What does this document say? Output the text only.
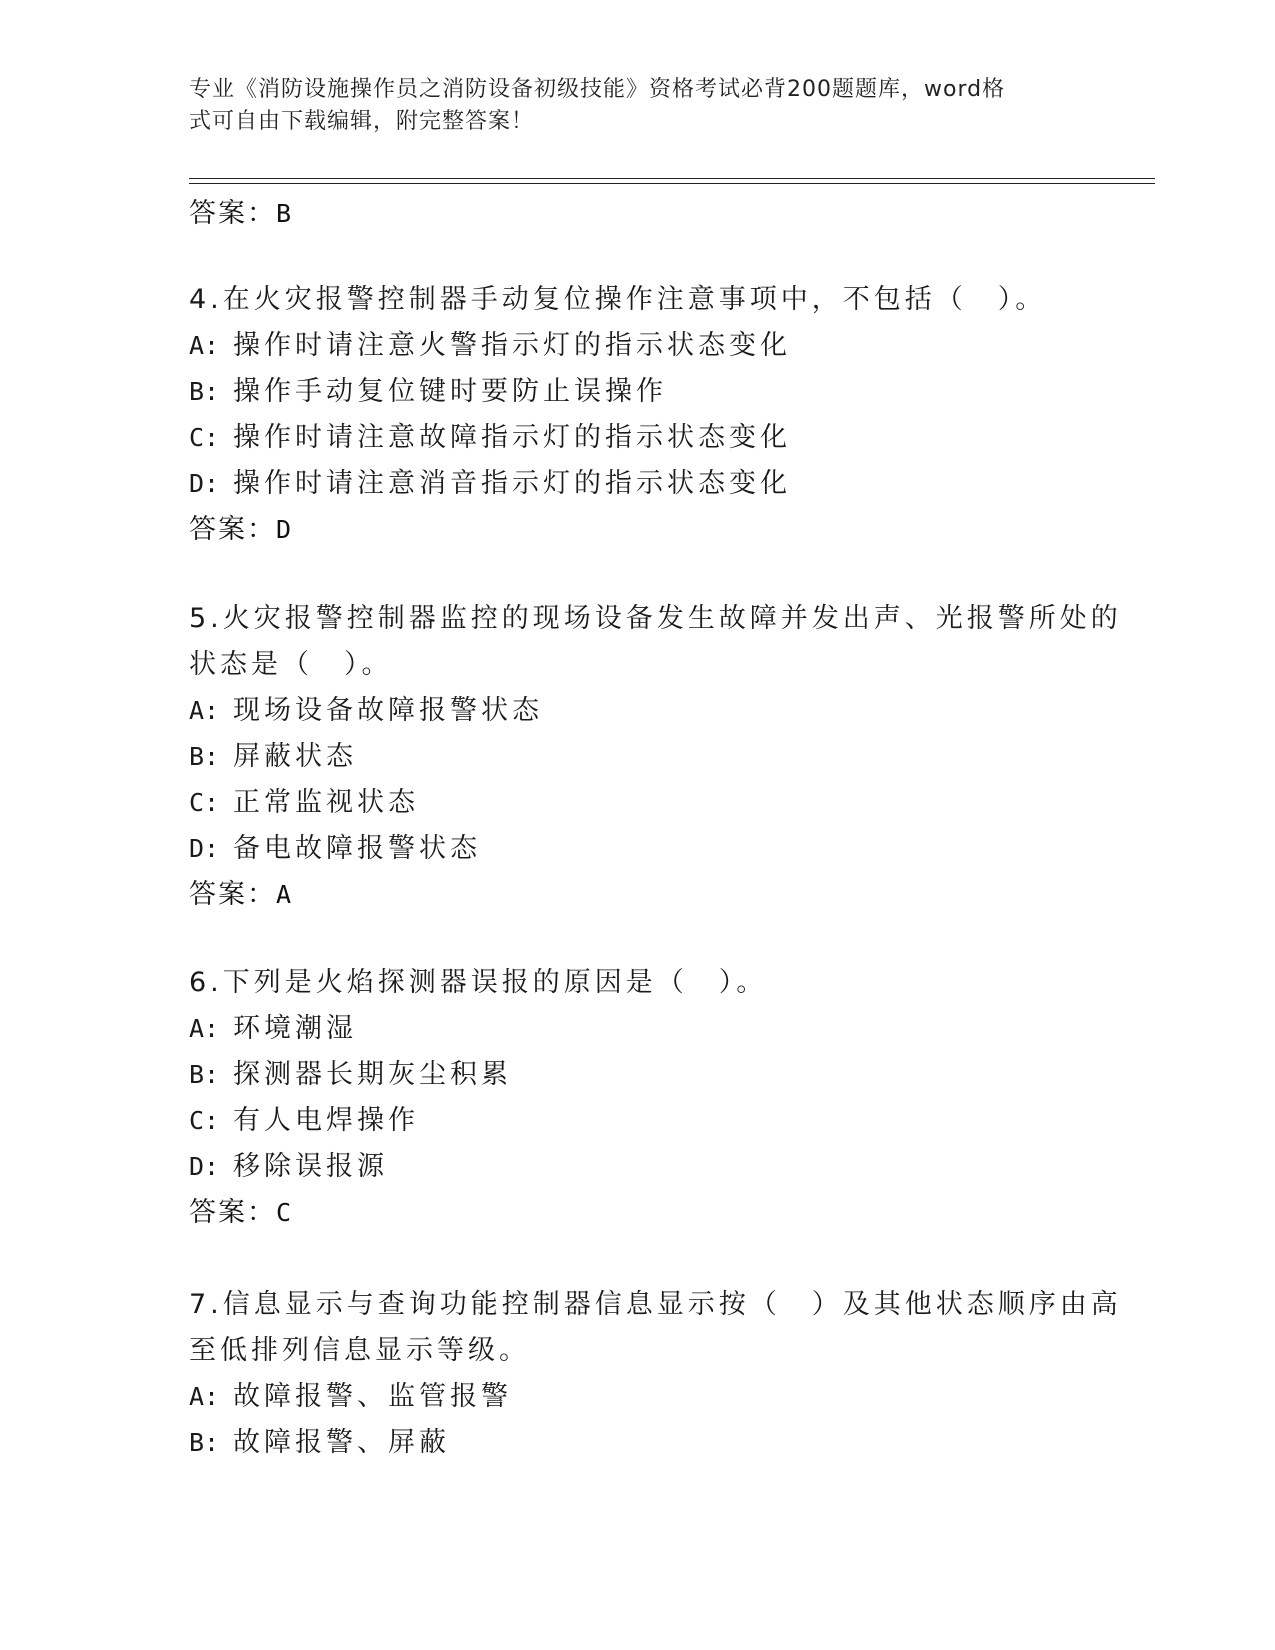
专业《消防设施操作员之消防设备初级技能》资格考试必背200题题库，word格
式可自由下载编辑，附完整答案！
答案：B
4.在火灾报警控制器手动复位操作注意事项中，不包括（　）。
A: 操作时请注意火警指示灯的指示状态变化
B: 操作手动复位键时要防止误操作
C: 操作时请注意故障指示灯的指示状态变化
D: 操作时请注意消音指示灯的指示状态变化
答案：D
5.火灾报警控制器监控的现场设备发生故障并发出声、光报警所处的
状态是（　）。
A: 现场设备故障报警状态
B: 屏蔽状态
C: 正常监视状态
D: 备电故障报警状态
答案：A
6.下列是火焰探测器误报的原因是（　）。
A: 环境潮湿
B: 探测器长期灰尘积累
C: 有人电焊操作
D: 移除误报源
答案：C
7.信息显示与查询功能控制器信息显示按（　）及其他状态顺序由高
至低排列信息显示等级。
A: 故障报警、监管报警
B: 故障报警、屏蔽
